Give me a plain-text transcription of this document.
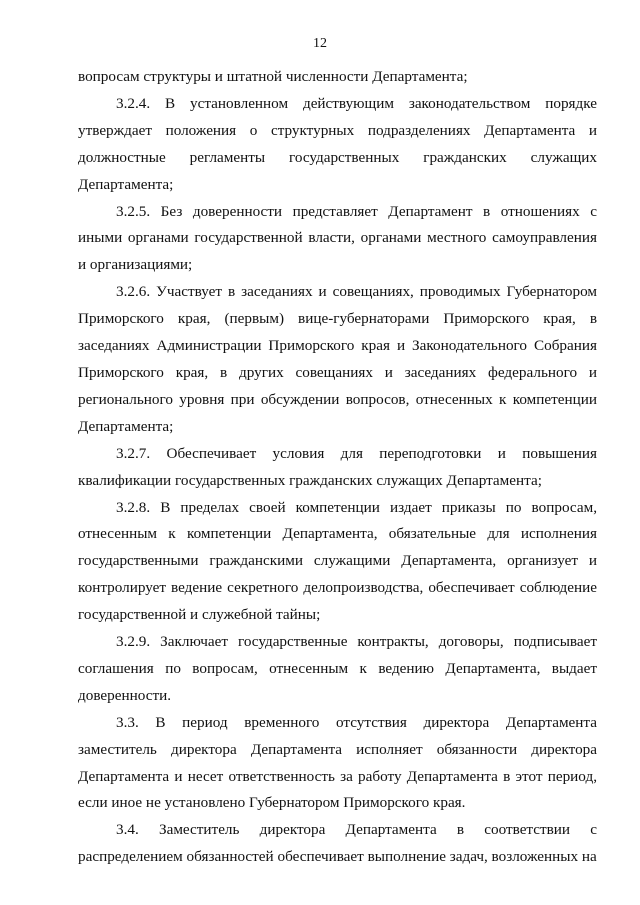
12

вопросам структуры и штатной численности Департамента;

3.2.4. В установленном действующим законодательством порядке утверждает положения о структурных подразделениях Департамента и должностные регламенты государственных гражданских служащих Департамента;

3.2.5. Без доверенности представляет Департамент в отношениях с иными органами государственной власти, органами местного самоуправления и организациями;

3.2.6. Участвует в заседаниях и совещаниях, проводимых Губернатором Приморского края, (первым) вице-губернаторами Приморского края, в заседаниях Администрации Приморского края и Законодательного Собрания Приморского края, в других совещаниях и заседаниях федерального и регионального уровня при обсуждении вопросов, отнесенных к компетенции Департамента;

3.2.7. Обеспечивает условия для переподготовки и повышения квалификации государственных гражданских служащих Департамента;

3.2.8. В пределах своей компетенции издает приказы по вопросам, отнесенным к компетенции Департамента, обязательные для исполнения государственными гражданскими служащими Департамента, организует и контролирует ведение секретного делопроизводства, обеспечивает соблюдение государственной и служебной тайны;

3.2.9. Заключает государственные контракты, договоры, подписывает соглашения по вопросам, отнесенным к ведению Департамента, выдает доверенности.

3.3. В период временного отсутствия директора Департамента заместитель директора Департамента исполняет обязанности директора Департамента и несет ответственность за работу Департамента в этот период, если иное не установлено Губернатором Приморского края.

3.4. Заместитель директора Департамента в соответствии с распределением обязанностей обеспечивает выполнение задач, возложенных на
